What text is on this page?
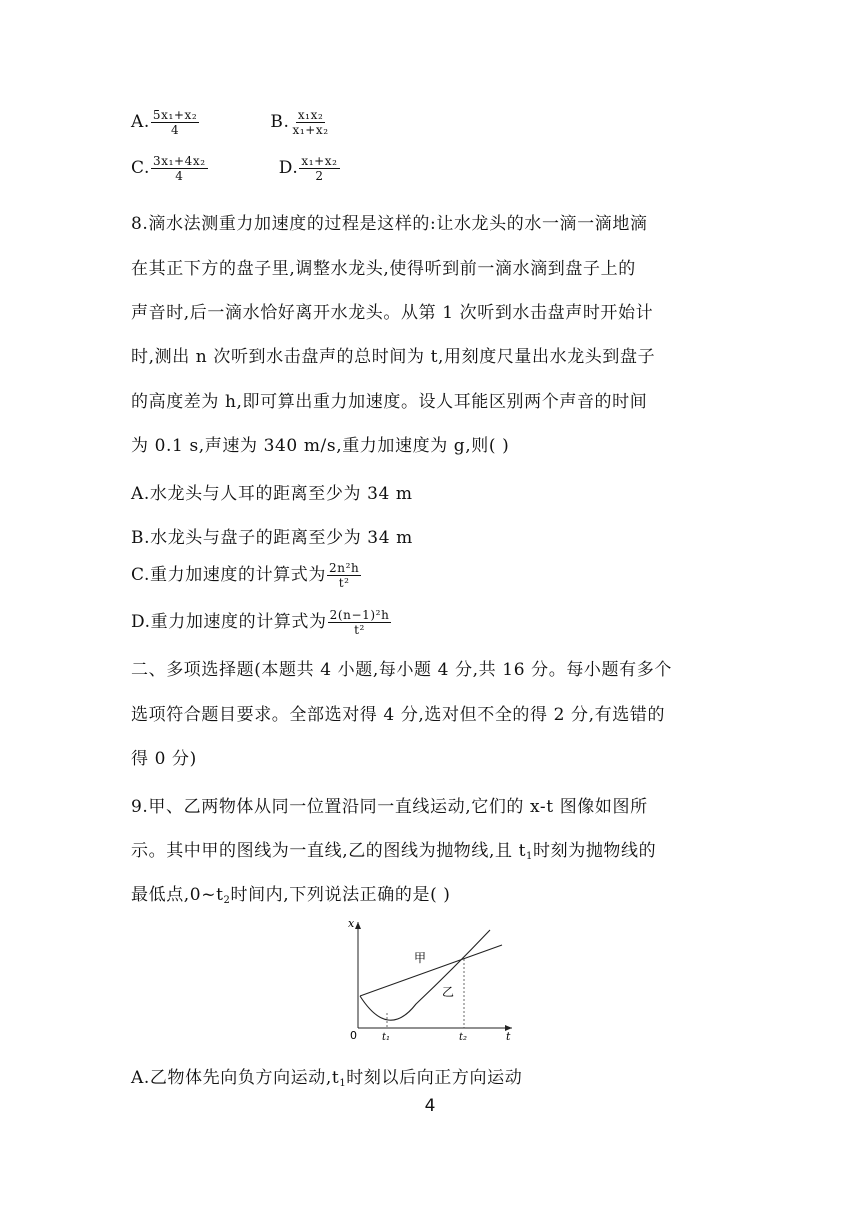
A. $\frac{\text{5x₁+x₂}}{4}$	B. $\frac{\text{x₁x₂}}{\text{x₁+x₂}}$
C. $\frac{\text{3x₁+4x₂}}{4}$	D. $\frac{\text{x₁+x₂}}{2}$
8.滴水法测重力加速度的过程是这样的:让水龙头的水一滴一滴地滴
在其正下方的盘子里,调整水龙头,使得听到前一滴水滴到盘子上的
声音时,后一滴水恰好离开水龙头。从第 1 次听到水击盘声时开始计
时,测出 n 次听到水击盘声的总时间为 t,用刻度尺量出水龙头到盘子
的高度差为 h,即可算出重力加速度。设人耳能区别两个声音的时间
为 0.1 s,声速为 340 m/s,重力加速度为 g,则( )
A.水龙头与人耳的距离至少为 34 m
B.水龙头与盘子的距离至少为 34 m
C.重力加速度的计算式为 $\frac{\text{2n²h}}{\text{t²}}$
D.重力加速度的计算式为 $\frac{\text{2(n−1)²h}}{\text{t²}}$
二、多项选择题(本题共 4 小题,每小题 4 分,共 16 分。每小题有多个
选项符合题目要求。全部选对得 4 分,选对但不全的得 2 分,有选错的
得 0 分)
9.甲、乙两物体从同一位置沿同一直线运动,它们的 x-t 图像如图所
示。其中甲的图线为一直线,乙的图线为抛物线,且 $t_1$时刻为抛物线的
最低点$,0\sim t_2$时间内,下列说法正确的是( )
x
t
0	t₁	t₂
甲
乙
A.乙物体先向负方向运动$,t_1$时刻以后向正方向运动
4
